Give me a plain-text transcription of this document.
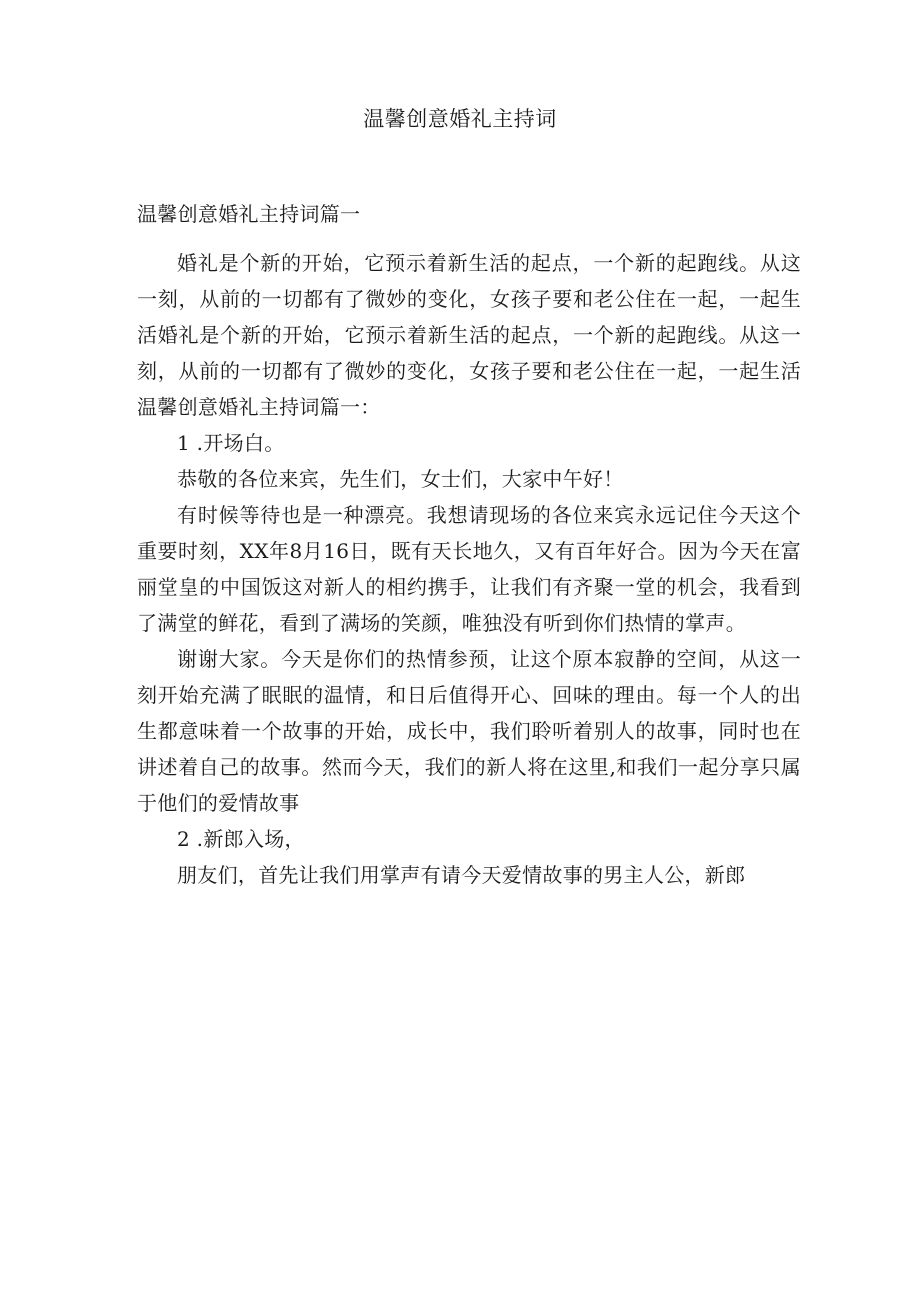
温馨创意婚礼主持词

温馨创意婚礼主持词篇一

婚礼是个新的开始，它预示着新生活的起点，一个新的起跑线。从这一刻，从前的一切都有了微妙的变化，女孩子要和老公住在一起，一起生活婚礼是个新的开始，它预示着新生活的起点，一个新的起跑线。从这一刻，从前的一切都有了微妙的变化，女孩子要和老公住在一起，一起生活温馨创意婚礼主持词篇一：

1 .开场白。

恭敬的各位来宾，先生们，女士们，大家中午好！

有时候等待也是一种漂亮。我想请现场的各位来宾永远记住今天这个重要时刻，XX年8月16日，既有天长地久，又有百年好合。因为今天在富丽堂皇的中国饭这对新人的相约携手，让我们有齐聚一堂的机会，我看到了满堂的鲜花，看到了满场的笑颜，唯独没有听到你们热情的掌声。

谢谢大家。今天是你们的热情参预，让这个原本寂静的空间，从这一刻开始充满了眠眠的温情，和日后值得开心、回味的理由。每一个人的出生都意味着一个故事的开始，成长中，我们聆听着别人的故事，同时也在讲述着自己的故事。然而今天，我们的新人将在这里,和我们一起分享只属于他们的爱情故事

2 .新郎入场，

朋友们，首先让我们用掌声有请今天爱情故事的男主人公，新郎
